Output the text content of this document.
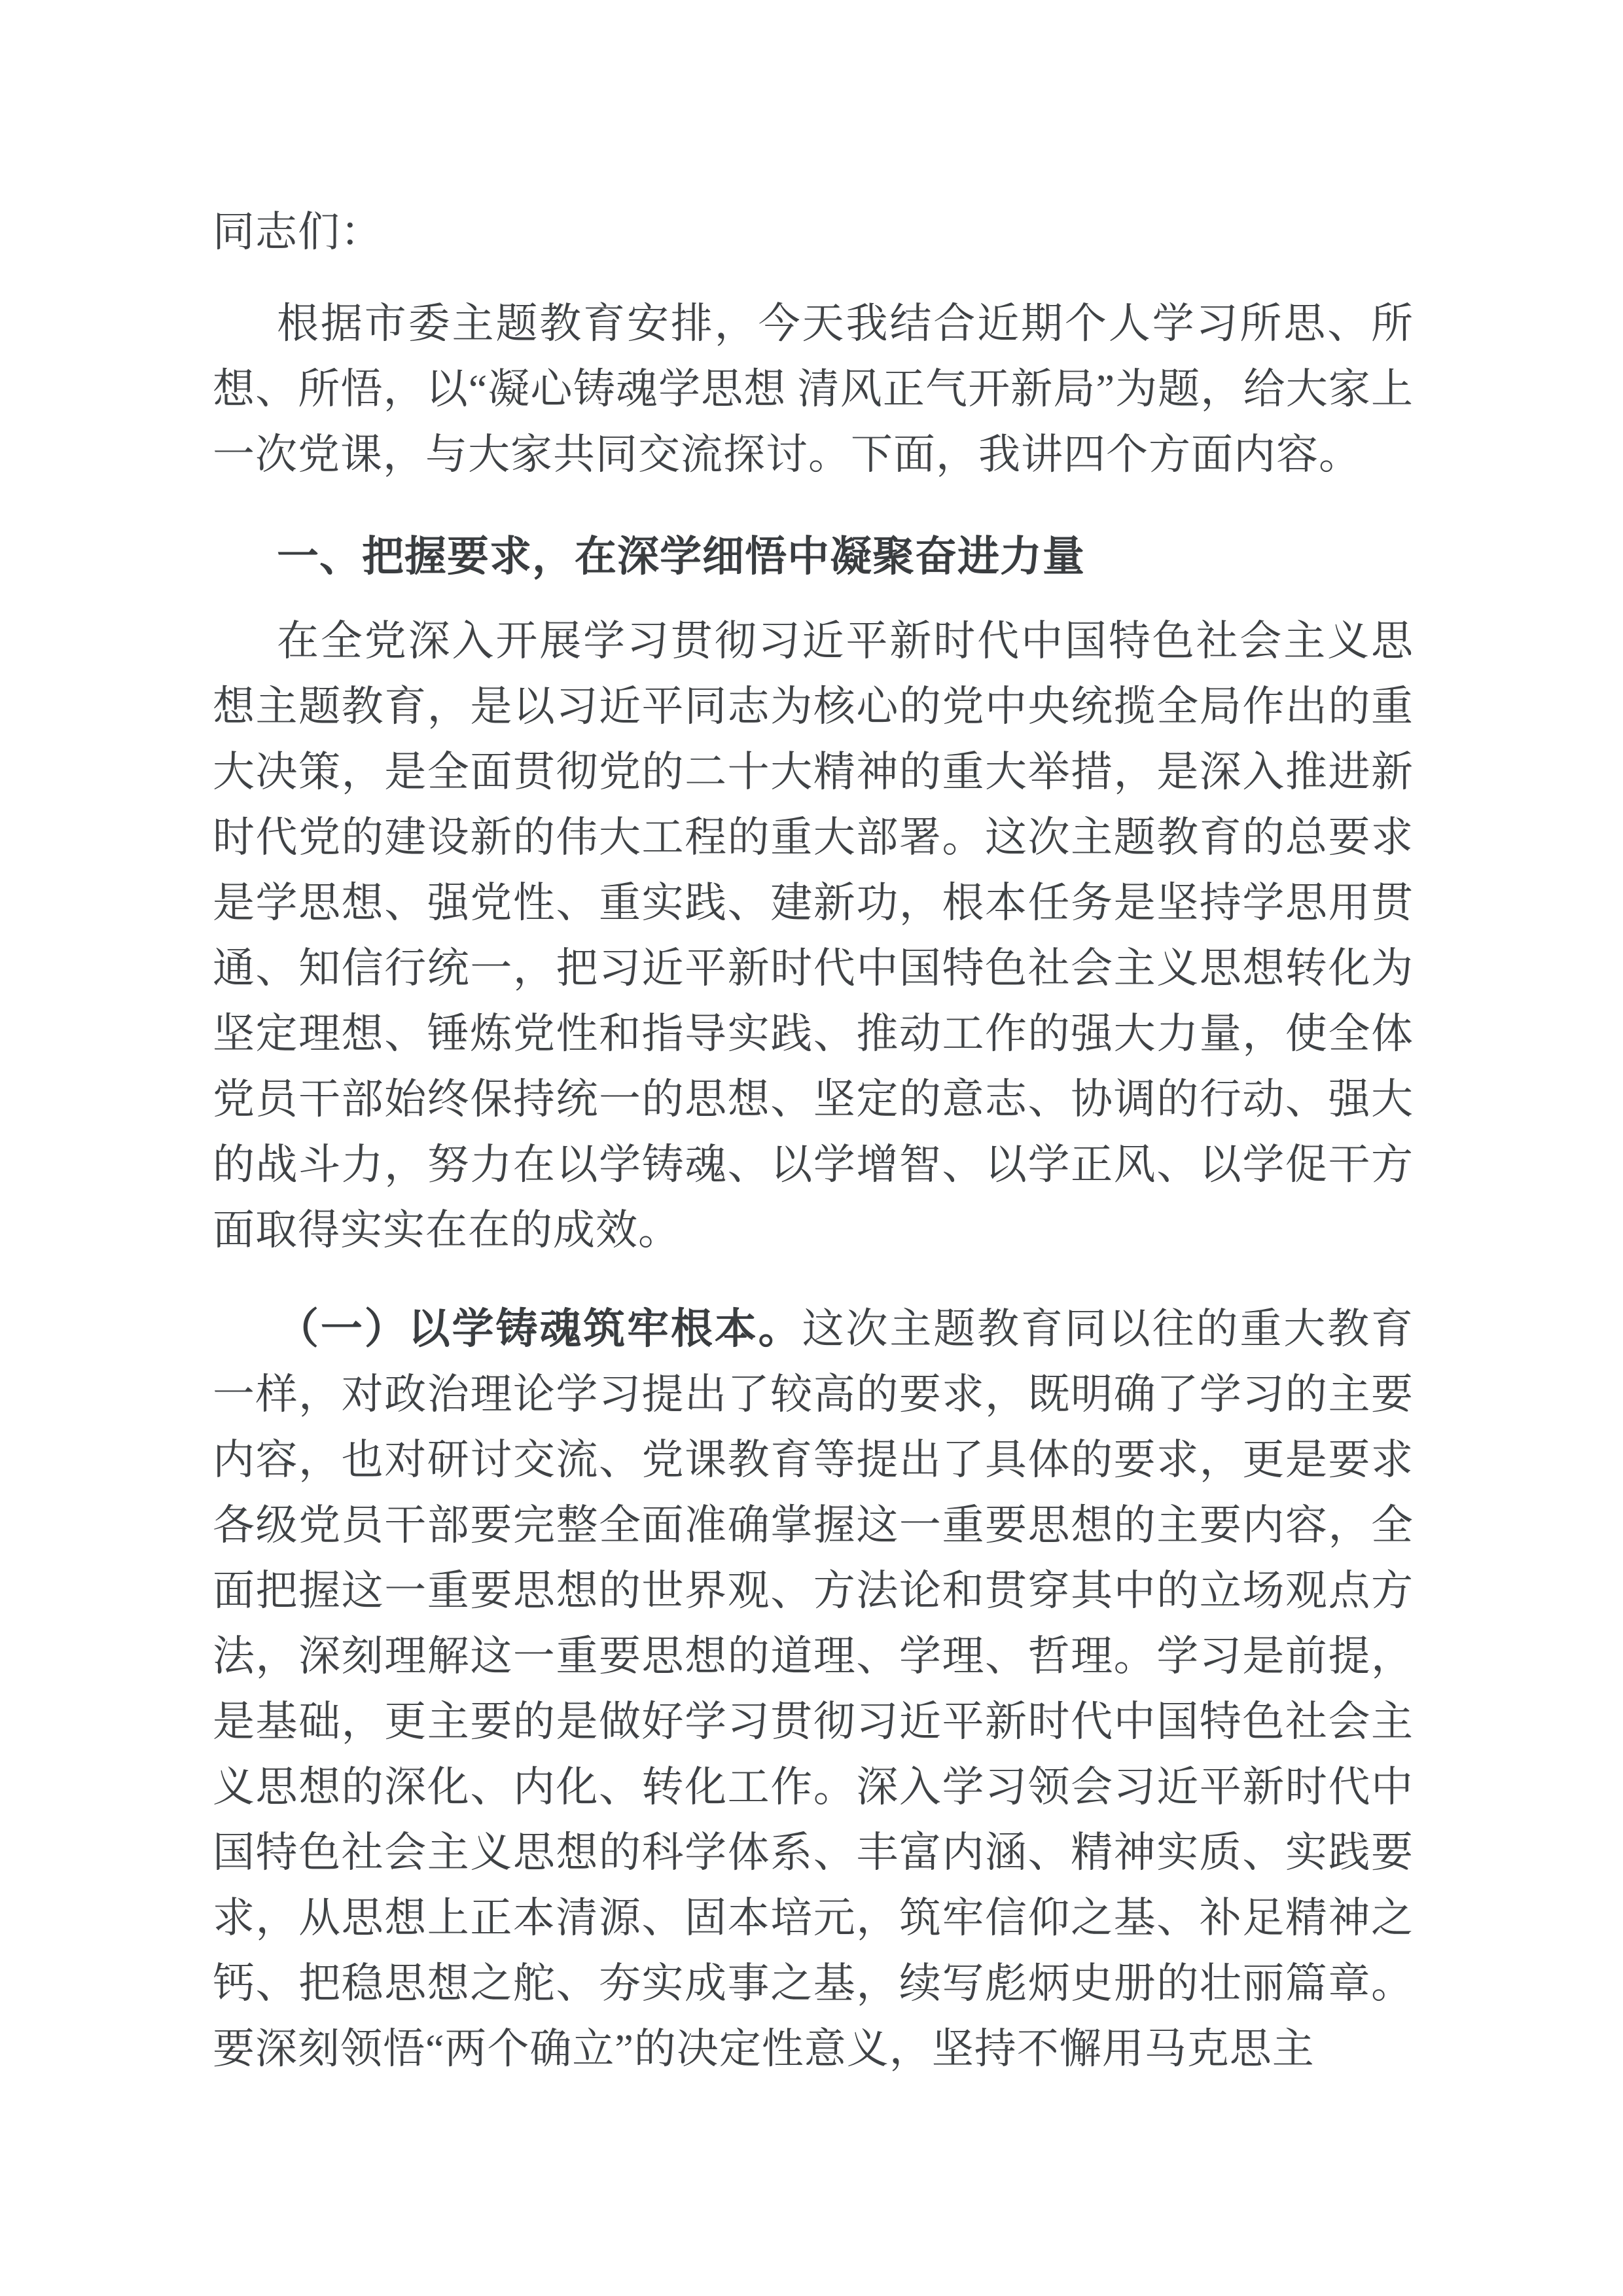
同志们：

根据市委主题教育安排，今天我结合近期个人学习所思、所想、所悟，以“凝心铸魂学思想 清风正气开新局”为题，给大家上一次党课，与大家共同交流探讨。下面，我讲四个方面内容。

一、把握要求，在深学细悟中凝聚奋进力量

在全党深入开展学习贯彻习近平新时代中国特色社会主义思想主题教育，是以习近平同志为核心的党中央统揽全局作出的重大决策，是全面贯彻党的二十大精神的重大举措，是深入推进新时代党的建设新的伟大工程的重大部署。这次主题教育的总要求是学思想、强党性、重实践、建新功，根本任务是坚持学思用贯通、知信行统一，把习近平新时代中国特色社会主义思想转化为坚定理想、锤炼党性和指导实践、推动工作的强大力量，使全体党员干部始终保持统一的思想、坚定的意志、协调的行动、强大的战斗力，努力在以学铸魂、以学增智、以学正风、以学促干方面取得实实在在的成效。

（一）以学铸魂筑牢根本。这次主题教育同以往的重大教育一样，对政治理论学习提出了较高的要求，既明确了学习的主要内容，也对研讨交流、党课教育等提出了具体的要求，更是要求各级党员干部要完整全面准确掌握这一重要思想的主要内容，全面把握这一重要思想的世界观、方法论和贯穿其中的立场观点方法，深刻理解这一重要思想的道理、学理、哲理。学习是前提，是基础，更主要的是做好学习贯彻习近平新时代中国特色社会主义思想的深化、内化、转化工作。深入学习领会习近平新时代中国特色社会主义思想的科学体系、丰富内涵、精神实质、实践要求，从思想上正本清源、固本培元，筑牢信仰之基、补足精神之钙、把稳思想之舵、夯实成事之基，续写彪炳史册的壮丽篇章。要深刻领悟“两个确立”的决定性意义，坚持不懈用马克思主
